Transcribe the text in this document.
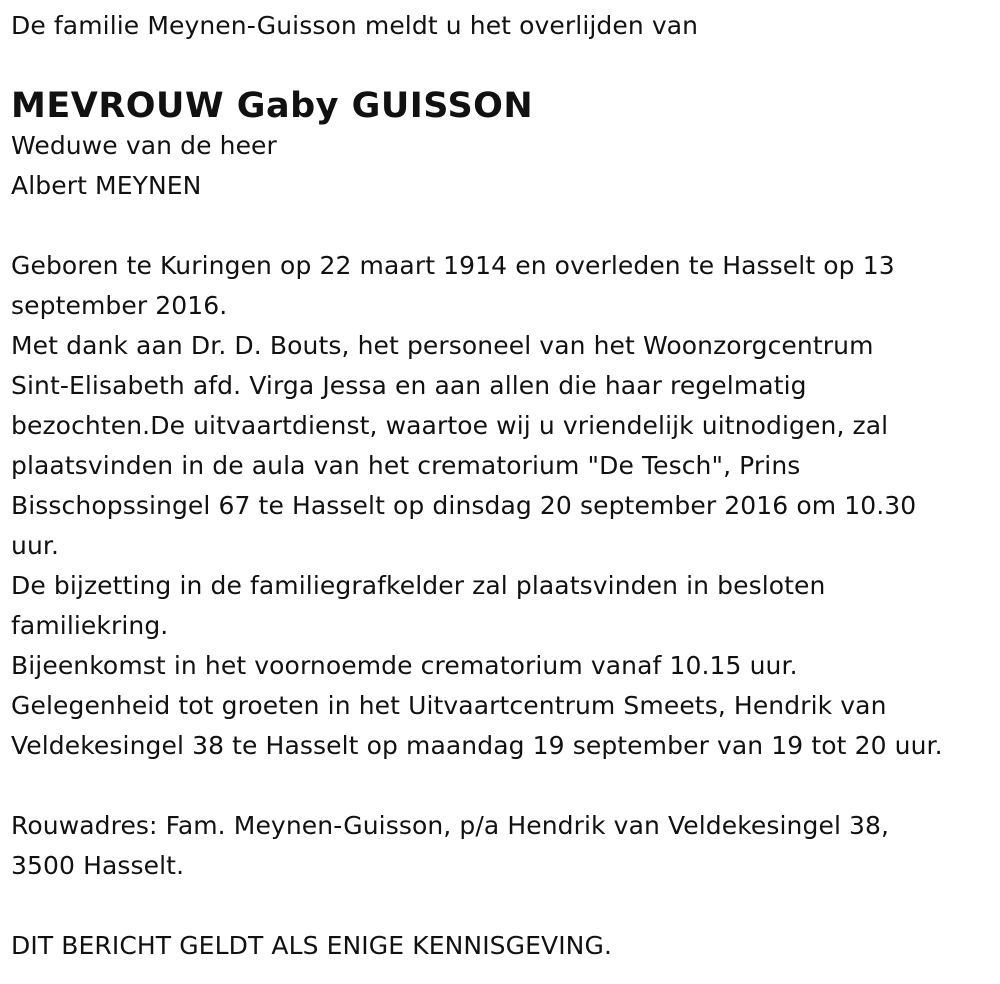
De familie Meynen-Guisson meldt u het overlijden van
MEVROUW Gaby GUISSON
Weduwe van de heer
Albert MEYNEN
Geboren te Kuringen op 22 maart 1914 en overleden te Hasselt op 13
september 2016.
Met dank aan Dr. D. Bouts, het personeel van het Woonzorgcentrum
Sint-Elisabeth afd. Virga Jessa en aan allen die haar regelmatig
bezochten.De uitvaartdienst, waartoe wij u vriendelijk uitnodigen, zal
plaatsvinden in de aula van het crematorium "De Tesch", Prins
Bisschopssingel 67 te Hasselt op dinsdag 20 september 2016 om 10.30
uur.
De bijzetting in de familiegrafkelder zal plaatsvinden in besloten
familiekring.
Bijeenkomst in het voornoemde crematorium vanaf 10.15 uur.
Gelegenheid tot groeten in het Uitvaartcentrum Smeets, Hendrik van
Veldekesingel 38 te Hasselt op maandag 19 september van 19 tot 20 uur.
Rouwadres: Fam. Meynen-Guisson, p/a Hendrik van Veldekesingel 38,
3500 Hasselt.
DIT BERICHT GELDT ALS ENIGE KENNISGEVING.
